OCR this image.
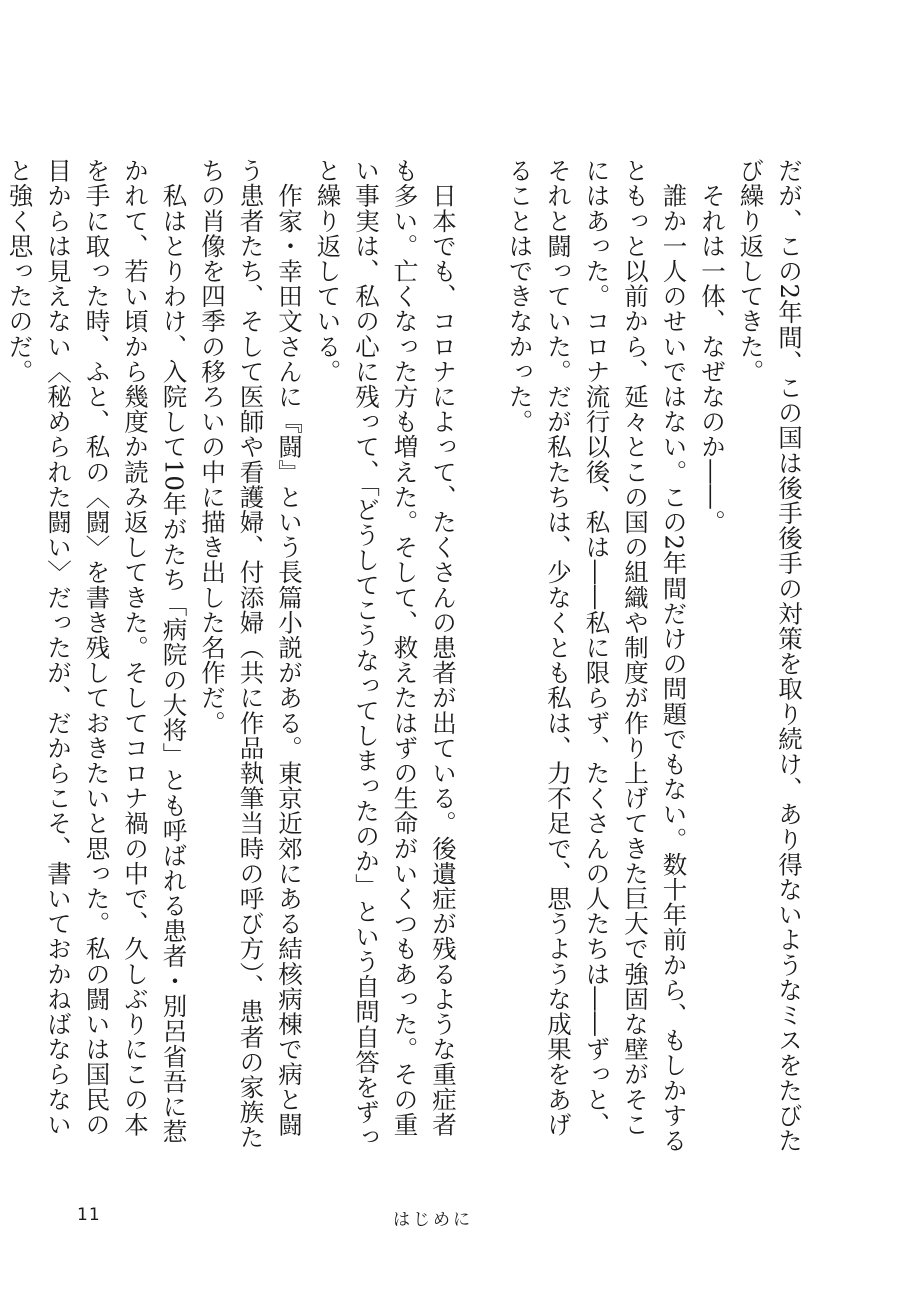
だが、この2年間、この国は後手後手の対策を取り続け、あり得ないようなミスをたびたび繰り返してきた。

　それは一体、なぜなのか――。

　誰か一人のせいではない。この2年間だけの問題でもない。数十年前から、もしかするともっと以前から、延々とこの国の組織や制度が作り上げてきた巨大で強固な壁がそこにはあった。コロナ流行以後、私は――私に限らず、たくさんの人たちは――ずっと、それと闘っていた。だが私たちは、少なくとも私は、力不足で、思うような成果をあげることはできなかった。

　日本でも、コロナによって、たくさんの患者が出ている。後遺症が残るような重症者も多い。亡くなった方も増えた。そして、救えたはずの生命がいくつもあった。その重い事実は、私の心に残って、「どうしてこうなってしまったのか」という自問自答をずっと繰り返している。

　作家・幸田文さんに『闘』という長篇小説がある。東京近郊にある結核病棟で病と闘う患者たち、そして医師や看護婦、付添婦（共に作品執筆当時の呼び方）、患者の家族たちの肖像を四季の移ろいの中に描き出した名作だ。

　私はとりわけ、入院して10年がたち「病院の大将」とも呼ばれる患者・別呂省吾に惹かれて、若い頃から幾度か読み返してきた。そしてコロナ禍の中で、久しぶりにこの本を手に取った時、ふと、私の〈闘〉を書き残しておきたいと思った。私の闘いは国民の目からは見えない〈秘められた闘い〉だったが、だからこそ、書いておかねばならないと強く思ったのだ。

11	はじめに
